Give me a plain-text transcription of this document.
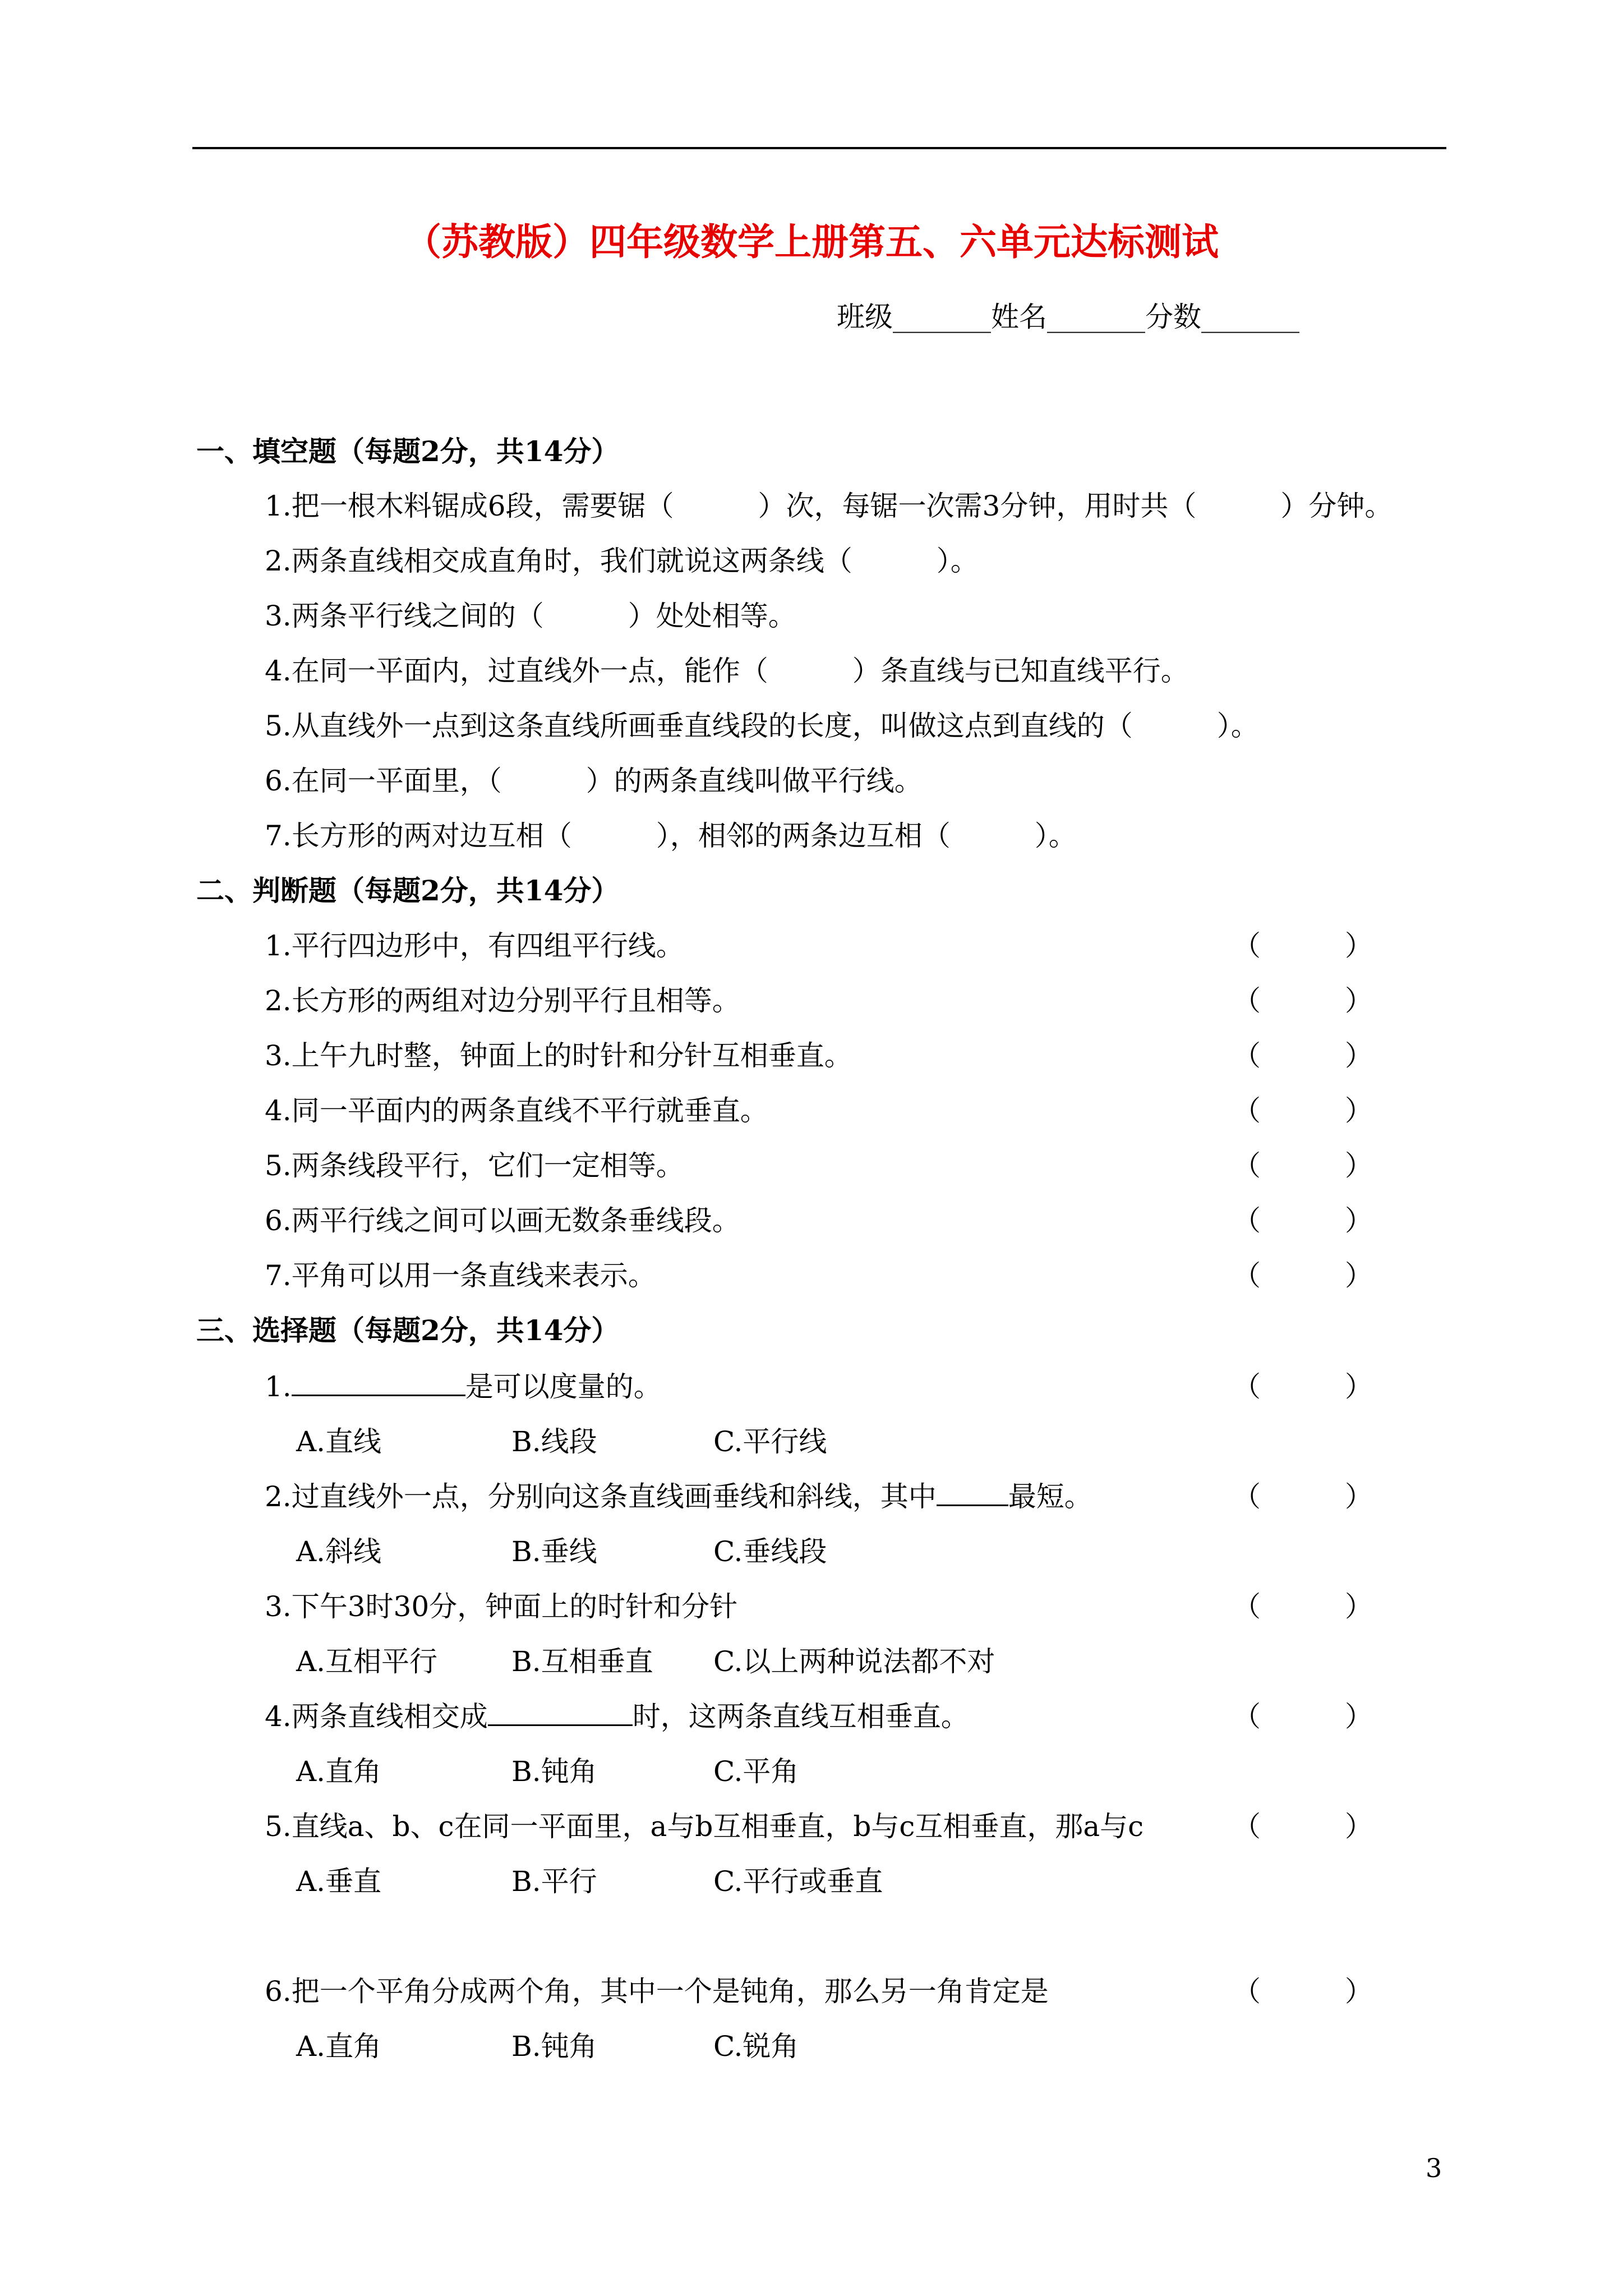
（苏教版）四年级数学上册第五、六单元达标测试
班级_______姓名_______分数_______
一、填空题（每题2分，共14分）
1.把一根木料锯成6段，需要锯（　　　）次，每锯一次需3分钟，用时共（　　　）分钟。
2.两条直线相交成直角时，我们就说这两条线（　　　）。
3.两条平行线之间的（　　　）处处相等。
4.在同一平面内，过直线外一点，能作（　　　）条直线与已知直线平行。
5.从直线外一点到这条直线所画垂直线段的长度，叫做这点到直线的（　　　）。
6.在同一平面里，（　　　）的两条直线叫做平行线。
7.长方形的两对边互相（　　　），相邻的两条边互相（　　　）。
二、判断题（每题2分，共14分）
1.平行四边形中，有四组平行线。	（　　　）
2.长方形的两组对边分别平行且相等。	（　　　）
3.上午九时整，钟面上的时针和分针互相垂直。	（　　　）
4.同一平面内的两条直线不平行就垂直。	（　　　）
5.两条线段平行，它们一定相等。	（　　　）
6.两平行线之间可以画无数条垂线段。	（　　　）
7.平角可以用一条直线来表示。	（　　　）
三、选择题（每题2分，共14分）
1.	是可以度量的。	（　　　）
A.直线	B.线段	C.平行线
2.过直线外一点，分别向这条直线画垂线和斜线，其中	最短。	（　　　）
A.斜线	B.垂线	C.垂线段
3.下午3时30分，钟面上的时针和分针	（　　　）
A.互相平行	B.互相垂直 C.以上两种说法都不对
4.两条直线相交成	时，这两条直线互相垂直。	（　　　）
A.直角	B.钝角	C.平角
5.直线a、b、c在同一平面里，a与b互相垂直，b与c互相垂直，那a与c	（　　　）
A.垂直	B.平行	C.平行或垂直
6.把一个平角分成两个角，其中一个是钝角，那么另一角肯定是	（　　　）
A.直角	B.钝角	C.锐角
3
